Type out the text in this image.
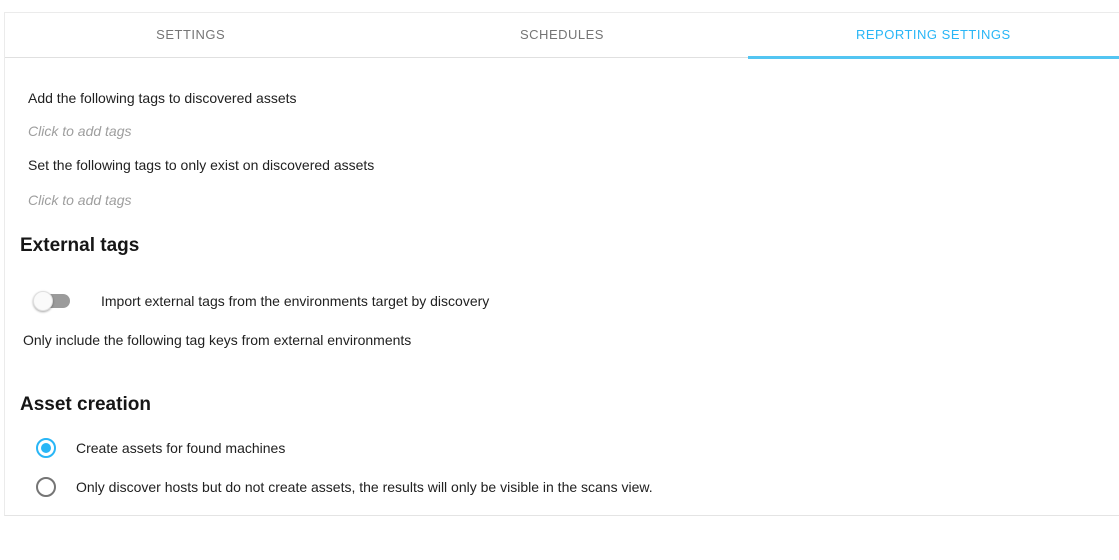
SETTINGS	SCHEDULES	REPORTING SETTINGS
Add the following tags to discovered assets
Click to add tags
Set the following tags to only exist on discovered assets
Click to add tags
External tags
Import external tags from the environments target by discovery
Only include the following tag keys from external environments
Asset creation
Create assets for found machines
Only discover hosts but do not create assets, the results will only be visible in the scans view.
